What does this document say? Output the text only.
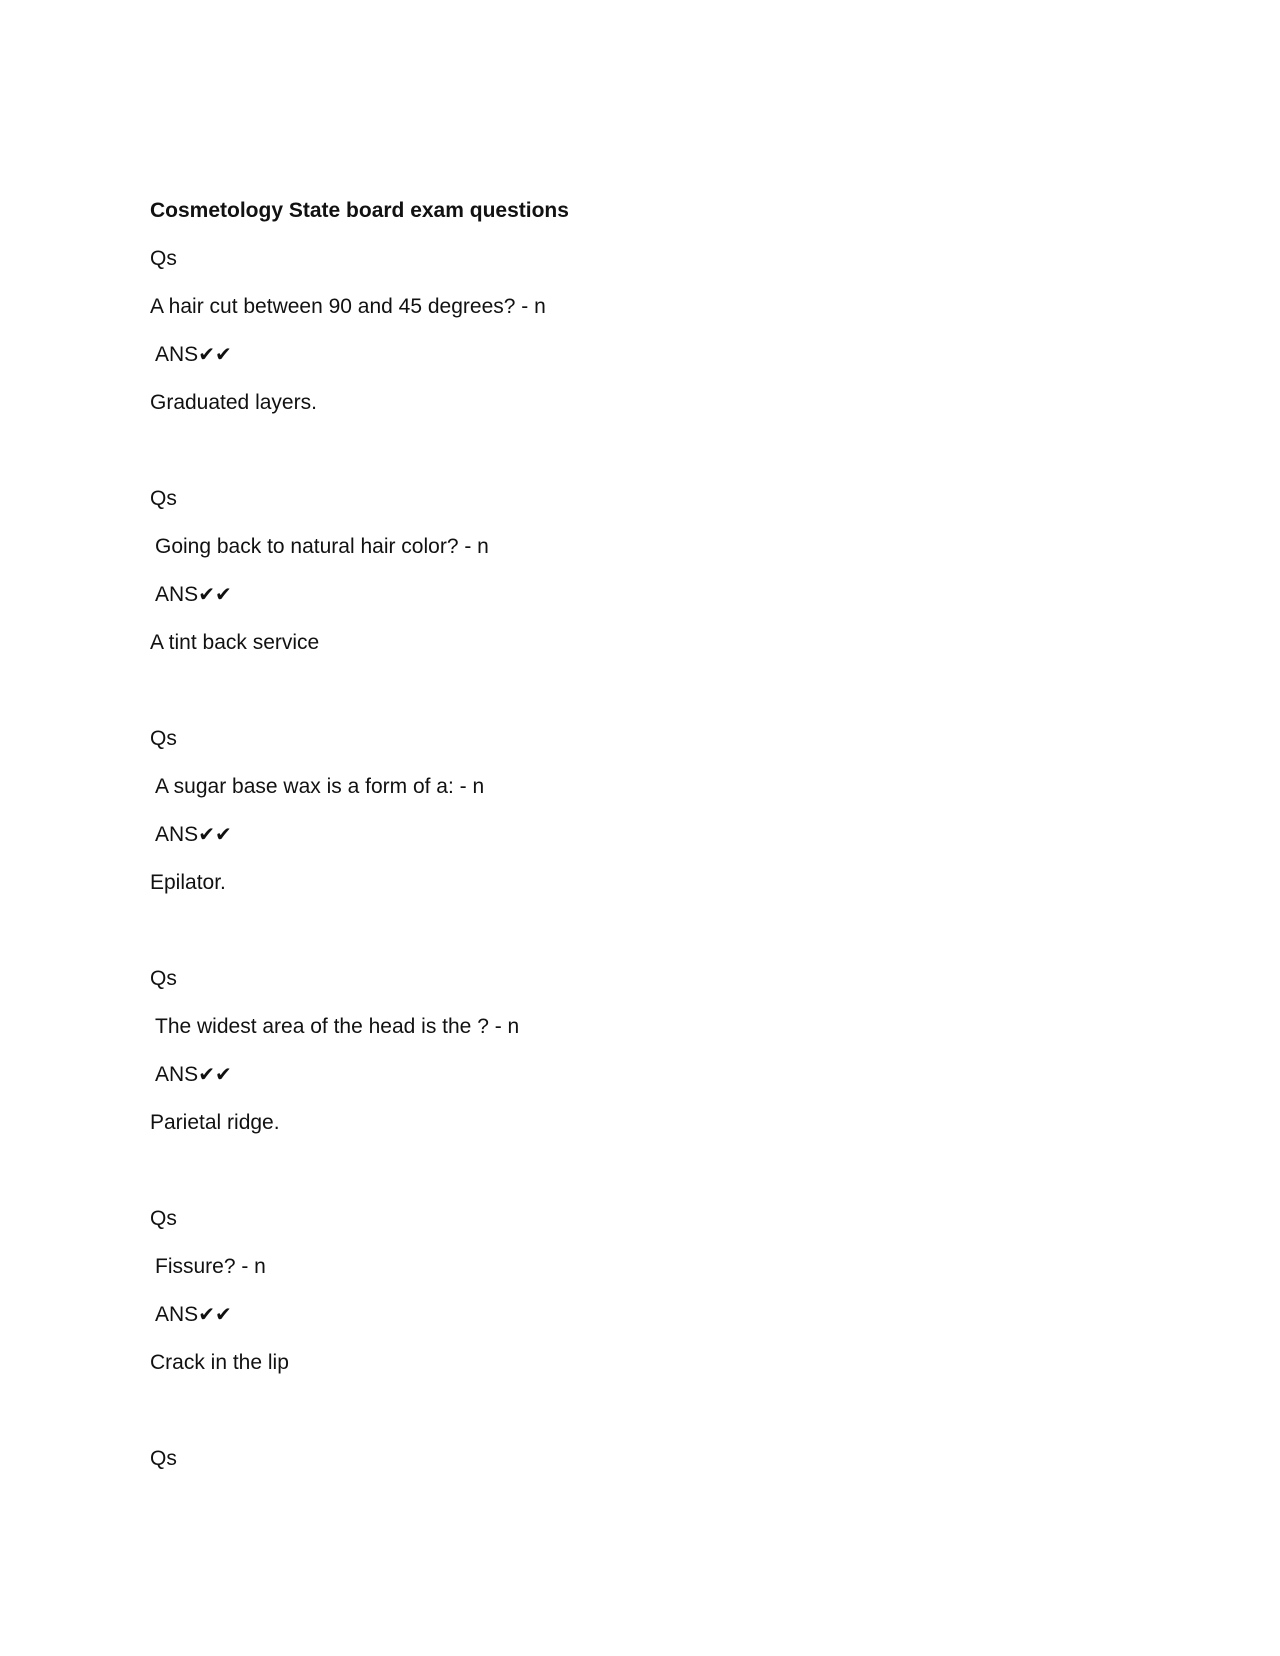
Cosmetology State board exam questions
Qs
A hair cut between 90 and 45 degrees? - n
ANS✔✔
Graduated layers.
Qs
Going back to natural hair color? - n
ANS✔✔
A tint back service
Qs
A sugar base wax is a form of a: - n
ANS✔✔
Epilator.
Qs
The widest area of the head is the ? - n
ANS✔✔
Parietal ridge.
Qs
Fissure? - n
ANS✔✔
Crack in the lip
Qs
